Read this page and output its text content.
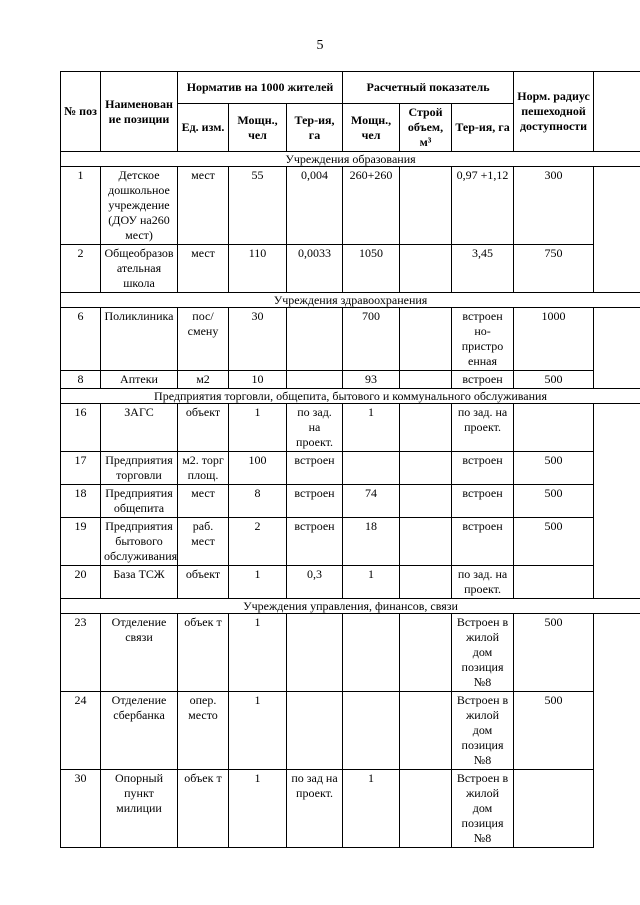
5
№ поз	Наименован ие позиции	Норматив на 1000 жителей			Расчетный показатель			Норм. радиус пешеходной доступности	
		Ед. изм.	Мощн., чел	Тер-ия, га	Мощн., чел	Строй объем, м³	Тер-ия, га		
Учреждения образования									
1	Детское дошкольное учреждение (ДОУ на260 мест)	мест	55	0,004	260+260		0,97 +1,12	300	
2	Общеобразов ательная школа	мест	110	0,0033	1050		3,45	750	
Учреждения здравоохранения									
6	Поликлиника	пос/ смену	30		700		встроен но-пристро енная	1000	
8	Аптеки	м2	10		93		встроен	500	
Предприятия торговли, общепита, бытового и коммунального обслуживания									
16	ЗАГС	объект	1	по зад. на проект.	1		по зад. на проект.		
17	Предприятия торговли	м2. торг площ.	100	встроен			встроен	500	
18	Предприятия общепита	мест	8	встроен	74		встроен	500	
19	Предприятия бытового обслуживания	раб. мест	2	встроен	18		встроен	500	
20	База ТСЖ	объект	1	0,3	1		по зад. на проект.		
Учреждения управления, финансов, связи									
23	Отделение связи	объек т	1				Встроен в жилой дом позиция №8	500	
24	Отделение сбербанка	опер. место	1				Встроен в жилой дом позиция №8	500	
30	Опорный пункт милиции	объек т	1	по зад на проект.	1		Встроен в жилой дом позиция №8		
